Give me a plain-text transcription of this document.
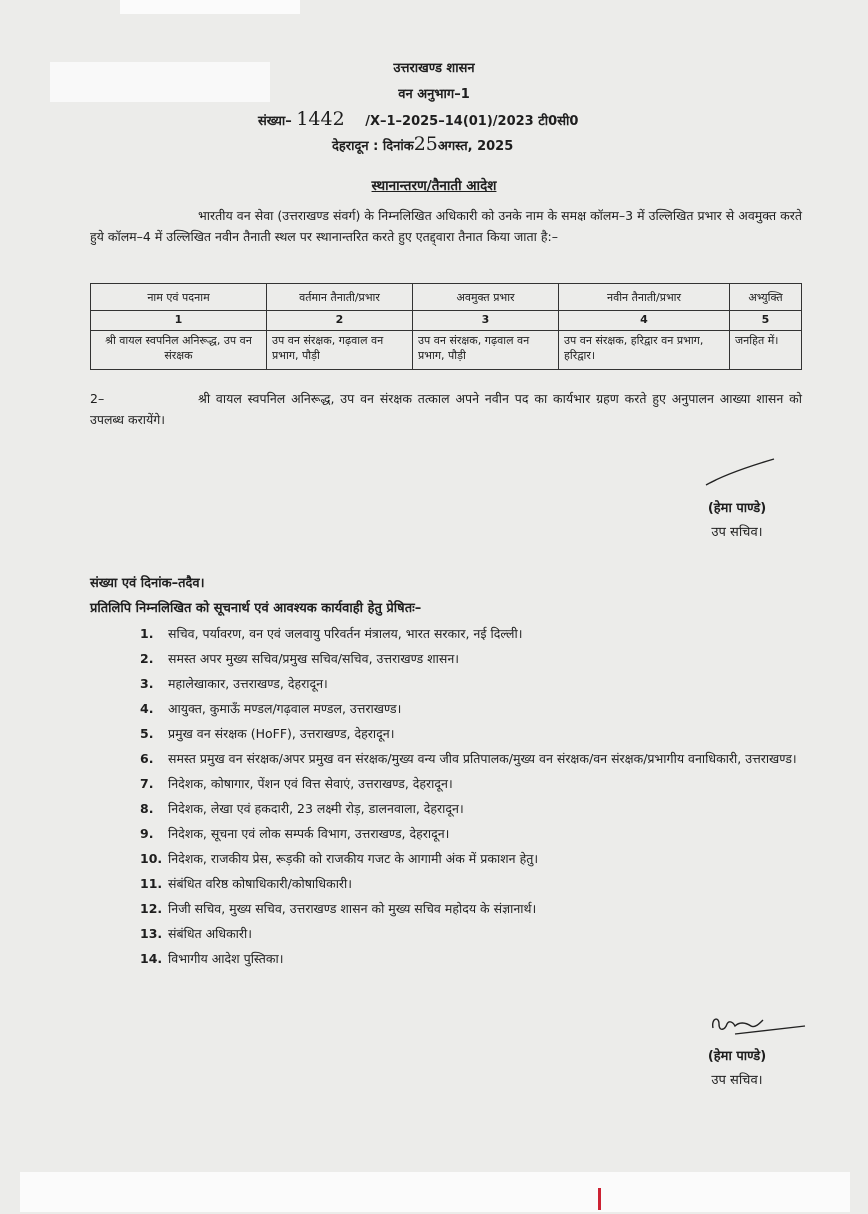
उत्तराखण्ड शासन
वन अनुभाग–1
संख्या– 1442 /X–1–2025–14(01)/2023 टी0सी0
देहरादून : दिनांक25अगस्त, 2025
स्थानान्तरण/तैनाती आदेश
भारतीय वन सेवा (उत्तराखण्ड संवर्ग) के निम्नलिखित अधिकारी को उनके नाम के समक्ष कॉलम–3 में उल्लिखित प्रभार से अवमुक्त करते हुये कॉलम–4 में उल्लिखित नवीन तैनाती स्थल पर स्थानान्तरित करते हुए एतद्द्वारा तैनात किया जाता है:–
नाम एवं पदनाम	वर्तमान तैनाती/प्रभार	अवमुक्त प्रभार	नवीन तैनाती/प्रभार	अभ्युक्ति
1	2	3	4	5
श्री वायल स्वपनिल अनिरूद्ध, उप वन संरक्षक	उप वन संरक्षक, गढ़वाल वन प्रभाग, पौड़ी	उप वन संरक्षक, गढ़वाल वन प्रभाग, पौड़ी	उप वन संरक्षक, हरिद्वार वन प्रभाग, हरिद्वार।	जनहित में।
2–	श्री वायल स्वपनिल अनिरूद्ध, उप वन संरक्षक तत्काल अपने नवीन पद का कार्यभार ग्रहण करते हुए अनुपालन आख्या शासन को उपलब्ध करायेंगे।
(हेमा पाण्डे)
उप सचिव।
संख्या एवं दिनांक–तदैव।
प्रतिलिपि निम्नलिखित को सूचनार्थ एवं आवश्यक कार्यवाही हेतु प्रेषितः–
1. सचिव, पर्यावरण, वन एवं जलवायु परिवर्तन मंत्रालय, भारत सरकार, नई दिल्ली।
2. समस्त अपर मुख्य सचिव/प्रमुख सचिव/सचिव, उत्तराखण्ड शासन।
3. महालेखाकार, उत्तराखण्ड, देहरादून।
4. आयुक्त, कुमाऊँ मण्डल/गढ़वाल मण्डल, उत्तराखण्ड।
5. प्रमुख वन संरक्षक (HoFF), उत्तराखण्ड, देहरादून।
6. समस्त प्रमुख वन संरक्षक/अपर प्रमुख वन संरक्षक/मुख्य वन्य जीव प्रतिपालक/मुख्य वन संरक्षक/वन संरक्षक/प्रभागीय वनाधिकारी, उत्तराखण्ड।
7. निदेशक, कोषागार, पेंशन एवं वित्त सेवाएं, उत्तराखण्ड, देहरादून।
8. निदेशक, लेखा एवं हकदारी, 23 लक्ष्मी रोड़, डालनवाला, देहरादून।
9. निदेशक, सूचना एवं लोक सम्पर्क विभाग, उत्तराखण्ड, देहरादून।
10. निदेशक, राजकीय प्रेस, रूड़की को राजकीय गजट के आगामी अंक में प्रकाशन हेतु।
11. संबंधित वरिष्ठ कोषाधिकारी/कोषाधिकारी।
12. निजी सचिव, मुख्य सचिव, उत्तराखण्ड शासन को मुख्य सचिव महोदय के संज्ञानार्थ।
13. संबंधित अधिकारी।
14. विभागीय आदेश पुस्तिका।
(हेमा पाण्डे)
उप सचिव।
